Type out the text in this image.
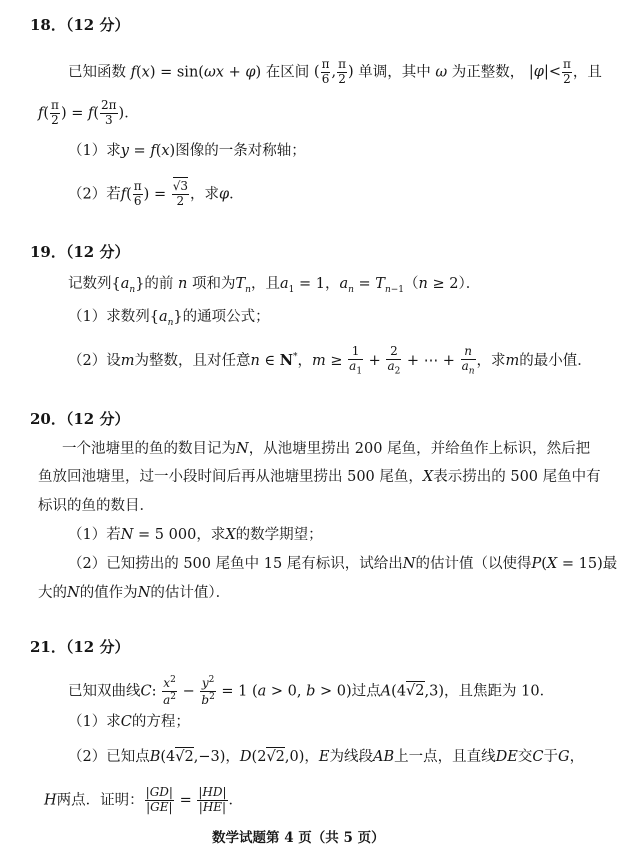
18．（12 分）
已知函数 f(x) = sin(ωx + φ) 在区间 ( $\frac{\pi}{6}$ , $\frac{\pi}{2}$ ) 单调，其中 ω 为正整数， $|\varphi|< \frac{\pi}{2}$ ，且
$f( \frac{\pi}{2}$ ) = $f( \frac{2\pi}{3}$ )．
（1）求y = f(x)图像的一条对称轴；
（2）若$f( \frac{\pi}{6}$ ) = $\frac{√3}{2}$ ，求φ．
19．（12 分）
记数列$\{a_n\}$的前 n 项和为$T_n$，且$a_1 = 1$，$a_n = T_{n-1}(n \ge 2)$．
（1）求数列$\{a_n\}$的通项公式；
（2）设m为整数，且对任意n ∈ N*，$m \ge \frac{1}{a_1} + \frac{2}{a_2}$ + ⋯ + $\frac{n}{a_n}$ ，求m的最小值．
20．（12 分）
一个池塘里的鱼的数目记为N，从池塘里捞出 200 尾鱼，并给鱼作上标识，然后把
鱼放回池塘里，过一小段时间后再从池塘里捞出 500 尾鱼，X表示捞出的 500 尾鱼中有
标识的鱼的数目．
（1）若N = 5 000，求X的数学期望；
（2）已知捞出的 500 尾鱼中 15 尾有标识，试给出N的估计值（以使得P(X = 15)最
大的N的值作为N的估计值）．
21．（12 分）
已知双曲线C: $\frac{x^2}{a^2} - \frac{y^2}{b^2} = 1$ (a > 0, b > 0)过点A(4√2,3)，且焦距为 10．
（1）求C的方程；
（2）已知点B(4√2,−3)，D(2√2,0)，E为线段AB上一点，且直线DE交C于G，
H两点．证明： $\frac{|GD|}{|GE|} = \frac{|HD|}{|HE|}$ ．
数学试题第 4 页（共 5 页）
